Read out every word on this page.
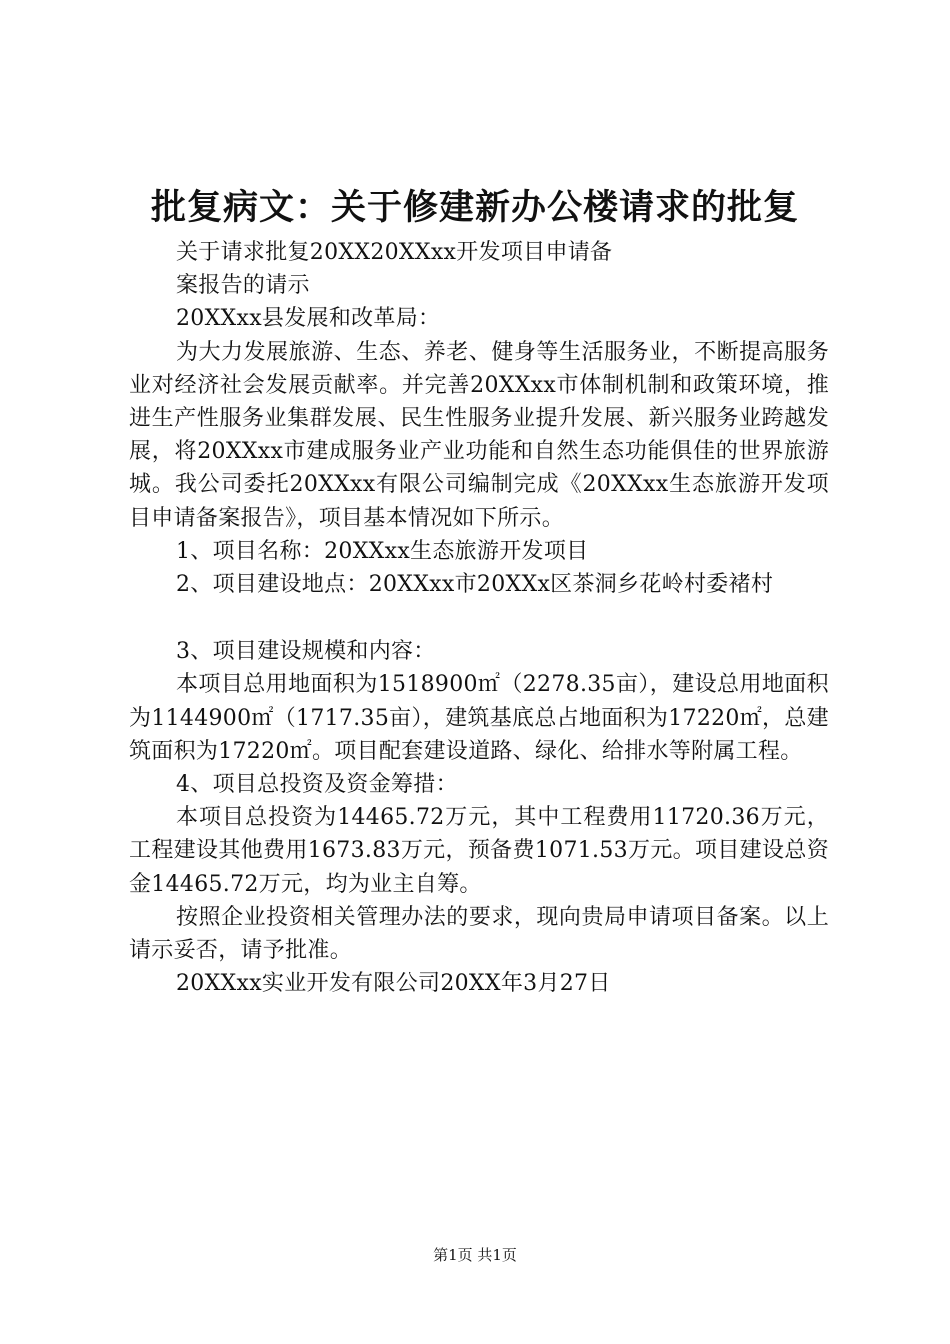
批复病文：关于修建新办公楼请求的批复

关于请求批复20XX20XXxx开发项目申请备

案报告的请示

20XXxx县发展和改革局：

为大力发展旅游、生态、养老、健身等生活服务业，不断提高服务业对经济社会发展贡献率。并完善20XXxx市体制机制和政策环境，推进生产性服务业集群发展、民生性服务业提升发展、新兴服务业跨越发展，将20XXxx市建成服务业产业功能和自然生态功能俱佳的世界旅游城。我公司委托20XXxx有限公司编制完成《20XXxx生态旅游开发项目申请备案报告》，项目基本情况如下所示。

1、项目名称：20XXxx生态旅游开发项目

2、项目建设地点：20XXxx市20XXx区茶洞乡花岭村委褚村

3、项目建设规模和内容：

本项目总用地面积为1518900㎡（2278.35亩），建设总用地面积为1144900㎡（1717.35亩），建筑基底总占地面积为17220㎡，总建筑面积为17220㎡。项目配套建设道路、绿化、给排水等附属工程。

4、项目总投资及资金筹措：

本项目总投资为14465.72万元，其中工程费用11720.36万元，工程建设其他费用1673.83万元，预备费1071.53万元。项目建设总资金14465.72万元，均为业主自筹。

按照企业投资相关管理办法的要求，现向贵局申请项目备案。以上请示妥否，请予批准。

20XXxx实业开发有限公司20XX年3月27日

第1页 共1页
